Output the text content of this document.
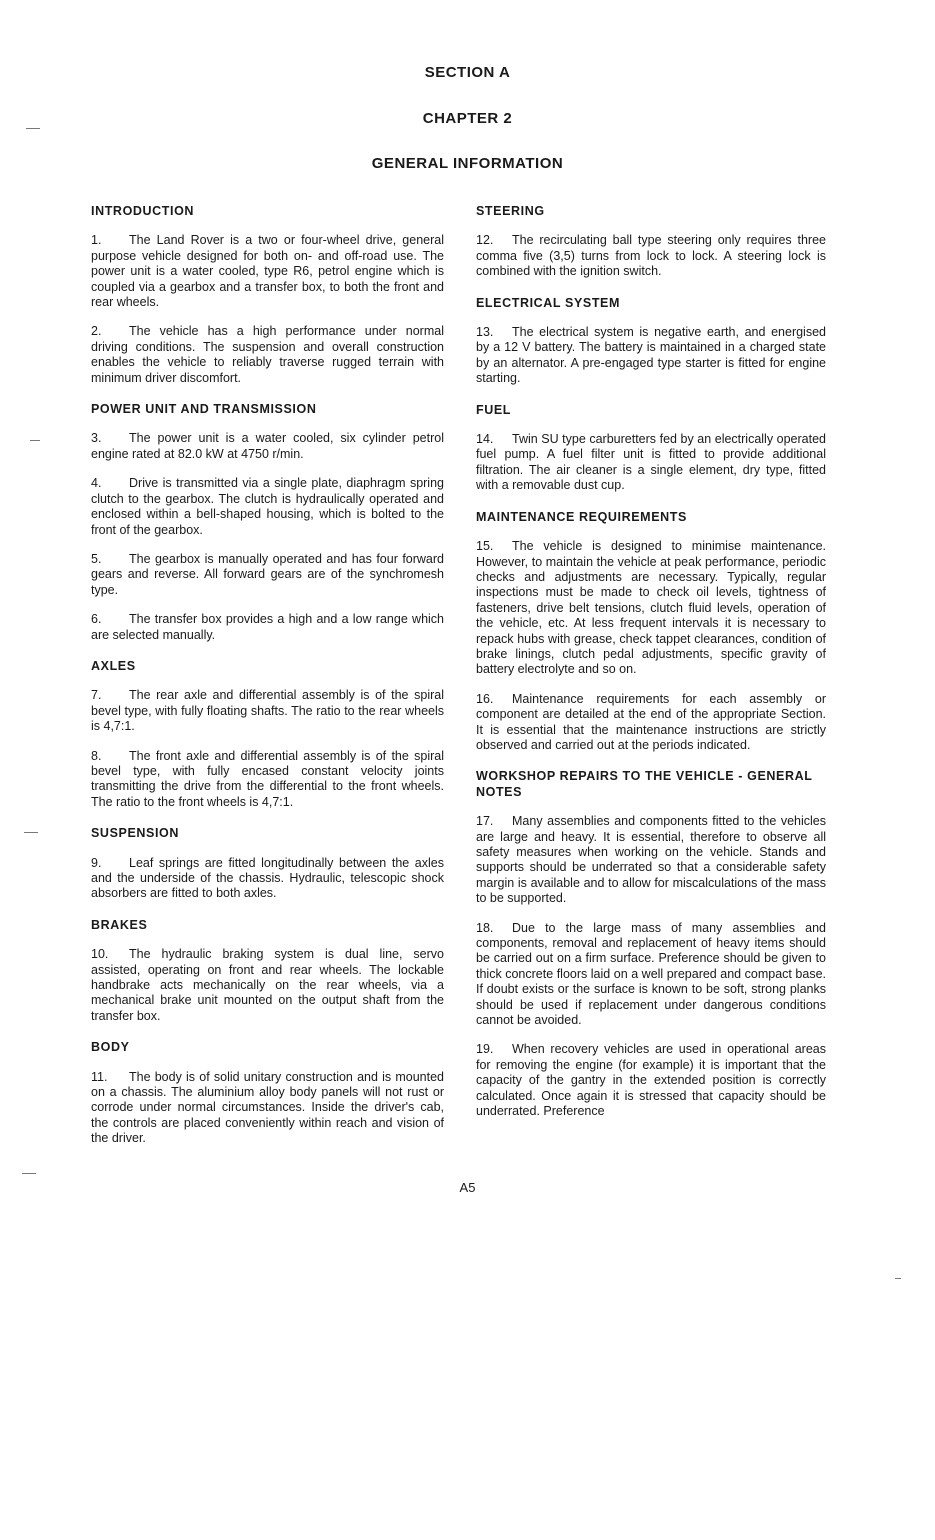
SECTION A
CHAPTER 2
GENERAL INFORMATION
INTRODUCTION

1. The Land Rover is a two or four-wheel drive, general purpose vehicle designed for both on- and off-road use. The power unit is a water cooled, type R6, petrol engine which is coupled via a gearbox and a transfer box, to both the front and rear wheels.

2. The vehicle has a high performance under normal driving conditions. The suspension and overall construction enables the vehicle to reliably traverse rugged terrain with minimum driver discomfort.

POWER UNIT AND TRANSMISSION

3. The power unit is a water cooled, six cylinder petrol engine rated at 82.0 kW at 4750 r/min.

4. Drive is transmitted via a single plate, diaphragm spring clutch to the gearbox. The clutch is hydraulically operated and enclosed within a bell-shaped housing, which is bolted to the front of the gearbox.

5. The gearbox is manually operated and has four forward gears and reverse. All forward gears are of the synchromesh type.

6. The transfer box provides a high and a low range which are selected manually.

AXLES

7. The rear axle and differential assembly is of the spiral bevel type, with fully floating shafts. The ratio to the rear wheels is 4,7:1.

8. The front axle and differential assembly is of the spiral bevel type, with fully encased constant velocity joints transmitting the drive from the differential to the front wheels. The ratio to the front wheels is 4,7:1.

SUSPENSION

9. Leaf springs are fitted longitudinally between the axles and the underside of the chassis. Hydraulic, telescopic shock absorbers are fitted to both axles.

BRAKES

10. The hydraulic braking system is dual line, servo assisted, operating on front and rear wheels. The lockable handbrake acts mechanically on the rear wheels, via a mechanical brake unit mounted on the output shaft from the transfer box.

BODY

11. The body is of solid unitary construction and is mounted on a chassis. The aluminium alloy body panels will not rust or corrode under normal circumstances. Inside the driver's cab, the controls are placed conveniently within reach and vision of the driver.

STEERING

12. The recirculating ball type steering only requires three comma five (3,5) turns from lock to lock. A steering lock is combined with the ignition switch.

ELECTRICAL SYSTEM

13. The electrical system is negative earth, and energised by a 12 V battery. The battery is maintained in a charged state by an alternator. A pre-engaged type starter is fitted for engine starting.

FUEL

14. Twin SU type carburetters fed by an electrically operated fuel pump. A fuel filter unit is fitted to provide additional filtration. The air cleaner is a single element, dry type, fitted with a removable dust cup.

MAINTENANCE REQUIREMENTS

15. The vehicle is designed to minimise maintenance. However, to maintain the vehicle at peak performance, periodic checks and adjustments are necessary. Typically, regular inspections must be made to check oil levels, tightness of fasteners, drive belt tensions, clutch fluid levels, operation of the vehicle, etc. At less frequent intervals it is necessary to repack hubs with grease, check tappet clearances, condition of brake linings, clutch pedal adjustments, specific gravity of battery electrolyte and so on.

16. Maintenance requirements for each assembly or component are detailed at the end of the appropriate Section. It is essential that the maintenance instructions are strictly observed and carried out at the periods indicated.

WORKSHOP REPAIRS TO THE VEHICLE - GENERAL NOTES

17. Many assemblies and components fitted to the vehicles are large and heavy. It is essential, therefore to observe all safety measures when working on the vehicle. Stands and supports should be underrated so that a considerable safety margin is available and to allow for miscalculations of the mass to be supported.

18. Due to the large mass of many assemblies and components, removal and replacement of heavy items should be carried out on a firm surface. Preference should be given to thick concrete floors laid on a well prepared and compact base. If doubt exists or the surface is known to be soft, strong planks should be used if replacement under dangerous conditions cannot be avoided.

19. When recovery vehicles are used in operational areas for removing the engine (for example) it is important that the capacity of the gantry in the extended position is correctly calculated. Once again it is stressed that capacity should be underrated. Preference

A5
